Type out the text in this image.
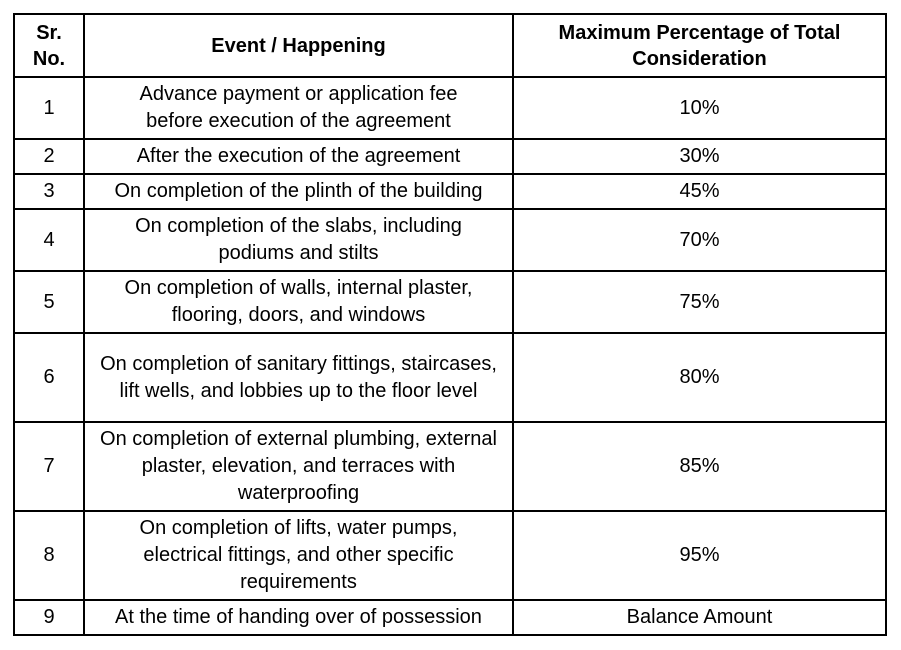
Sr. No.	Event / Happening	Maximum Percentage of Total Consideration
1	Advance payment or application fee before execution of the agreement	10%
2	After the execution of the agreement	30%
3	On completion of the plinth of the building	45%
4	On completion of the slabs, including podiums and stilts	70%
5	On completion of walls, internal plaster, flooring, doors, and windows	75%
6	On completion of sanitary fittings, staircases, lift wells, and lobbies up to the floor level	80%
7	On completion of external plumbing, external plaster, elevation, and terraces with waterproofing	85%
8	On completion of lifts, water pumps, electrical fittings, and other specific requirements	95%
9	At the time of handing over of possession	Balance Amount
